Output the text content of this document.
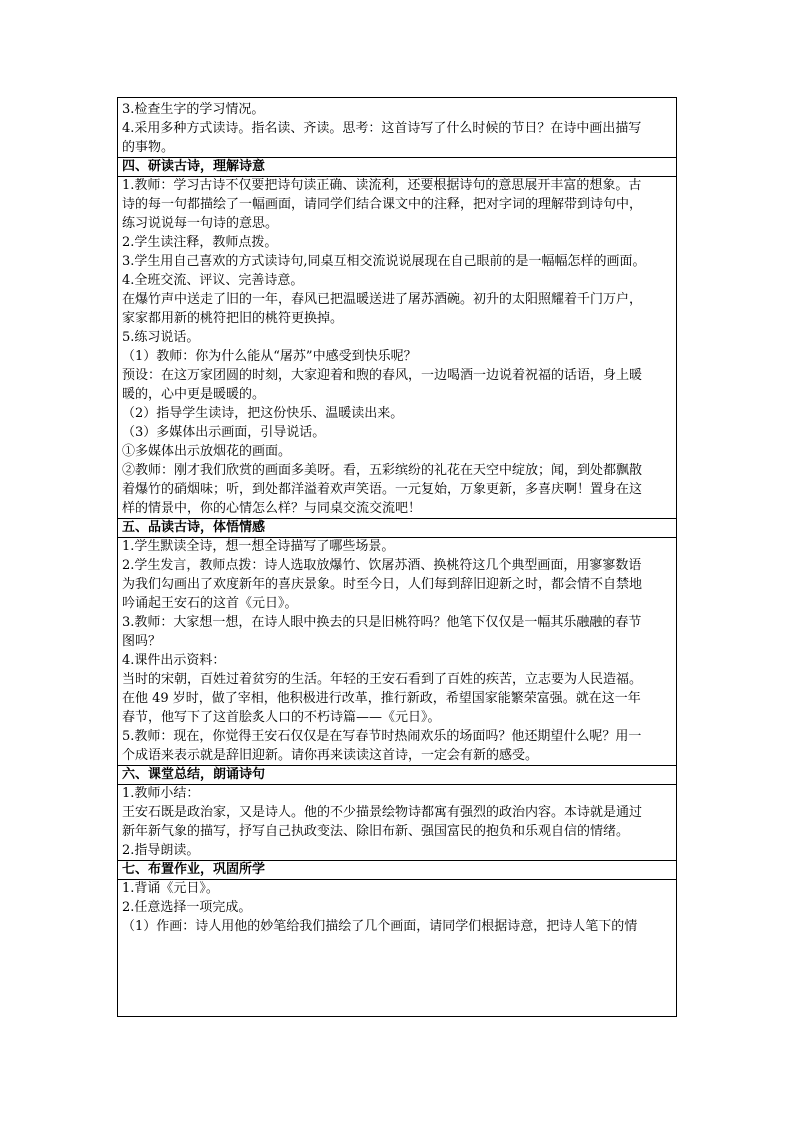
3.检查生字的学习情况。
4.采用多种方式读诗。指名读、齐读。思考：这首诗写了什么时候的节日？在诗中画出描写
的事物。
四、研读古诗，理解诗意
1.教师：学习古诗不仅要把诗句读正确、读流利，还要根据诗句的意思展开丰富的想象。古
诗的每一句都描绘了一幅画面，请同学们结合课文中的注释，把对字词的理解带到诗句中，
练习说说每一句诗的意思。
2.学生读注释，教师点拨。
3.学生用自己喜欢的方式读诗句,同桌互相交流说说展现在自己眼前的是一幅幅怎样的画面。
4.全班交流、评议、完善诗意。
在爆竹声中送走了旧的一年，春风已把温暖送进了屠苏酒碗。初升的太阳照耀着千门万户，
家家都用新的桃符把旧的桃符更换掉。
5.练习说话。
（1）教师：你为什么能从“屠苏”中感受到快乐呢？
预设：在这万家团圆的时刻，大家迎着和煦的春风，一边喝酒一边说着祝福的话语，身上暖
暖的，心中更是暖暖的。
（2）指导学生读诗，把这份快乐、温暖读出来。
（3）多媒体出示画面，引导说话。
①多媒体出示放烟花的画面。
②教师：刚才我们欣赏的画面多美呀。看，五彩缤纷的礼花在天空中绽放；闻，到处都飘散
着爆竹的硝烟味；听，到处都洋溢着欢声笑语。一元复始，万象更新，多喜庆啊！置身在这
样的情景中，你的心情怎么样？与同桌交流交流吧！
五、品读古诗，体悟情感
1.学生默读全诗，想一想全诗描写了哪些场景。
2.学生发言，教师点拨：诗人选取放爆竹、饮屠苏酒、换桃符这几个典型画面，用寥寥数语
为我们勾画出了欢度新年的喜庆景象。时至今日，人们每到辞旧迎新之时，都会情不自禁地
吟诵起王安石的这首《元日》。
3.教师：大家想一想，在诗人眼中换去的只是旧桃符吗？他笔下仅仅是一幅其乐融融的春节
图吗？
4.课件出示资料：
当时的宋朝，百姓过着贫穷的生活。年轻的王安石看到了百姓的疾苦，立志要为人民造福。
在他 49 岁时，做了宰相，他积极进行改革，推行新政，希望国家能繁荣富强。就在这一年
春节，他写下了这首脍炙人口的不朽诗篇——《元日》。
5.教师：现在，你觉得王安石仅仅是在写春节时热闹欢乐的场面吗？他还期望什么呢？用一
个成语来表示就是辞旧迎新。请你再来读读这首诗，一定会有新的感受。
六、课堂总结，朗诵诗句
1.教师小结：
王安石既是政治家，又是诗人。他的不少描景绘物诗都寓有强烈的政治内容。本诗就是通过
新年新气象的描写，抒写自己执政变法、除旧布新、强国富民的抱负和乐观自信的情绪。
2.指导朗读。
七、布置作业，巩固所学
1.背诵《元日》。
2.任意选择一项完成。
（1）作画：诗人用他的妙笔给我们描绘了几个画面，请同学们根据诗意，把诗人笔下的情
